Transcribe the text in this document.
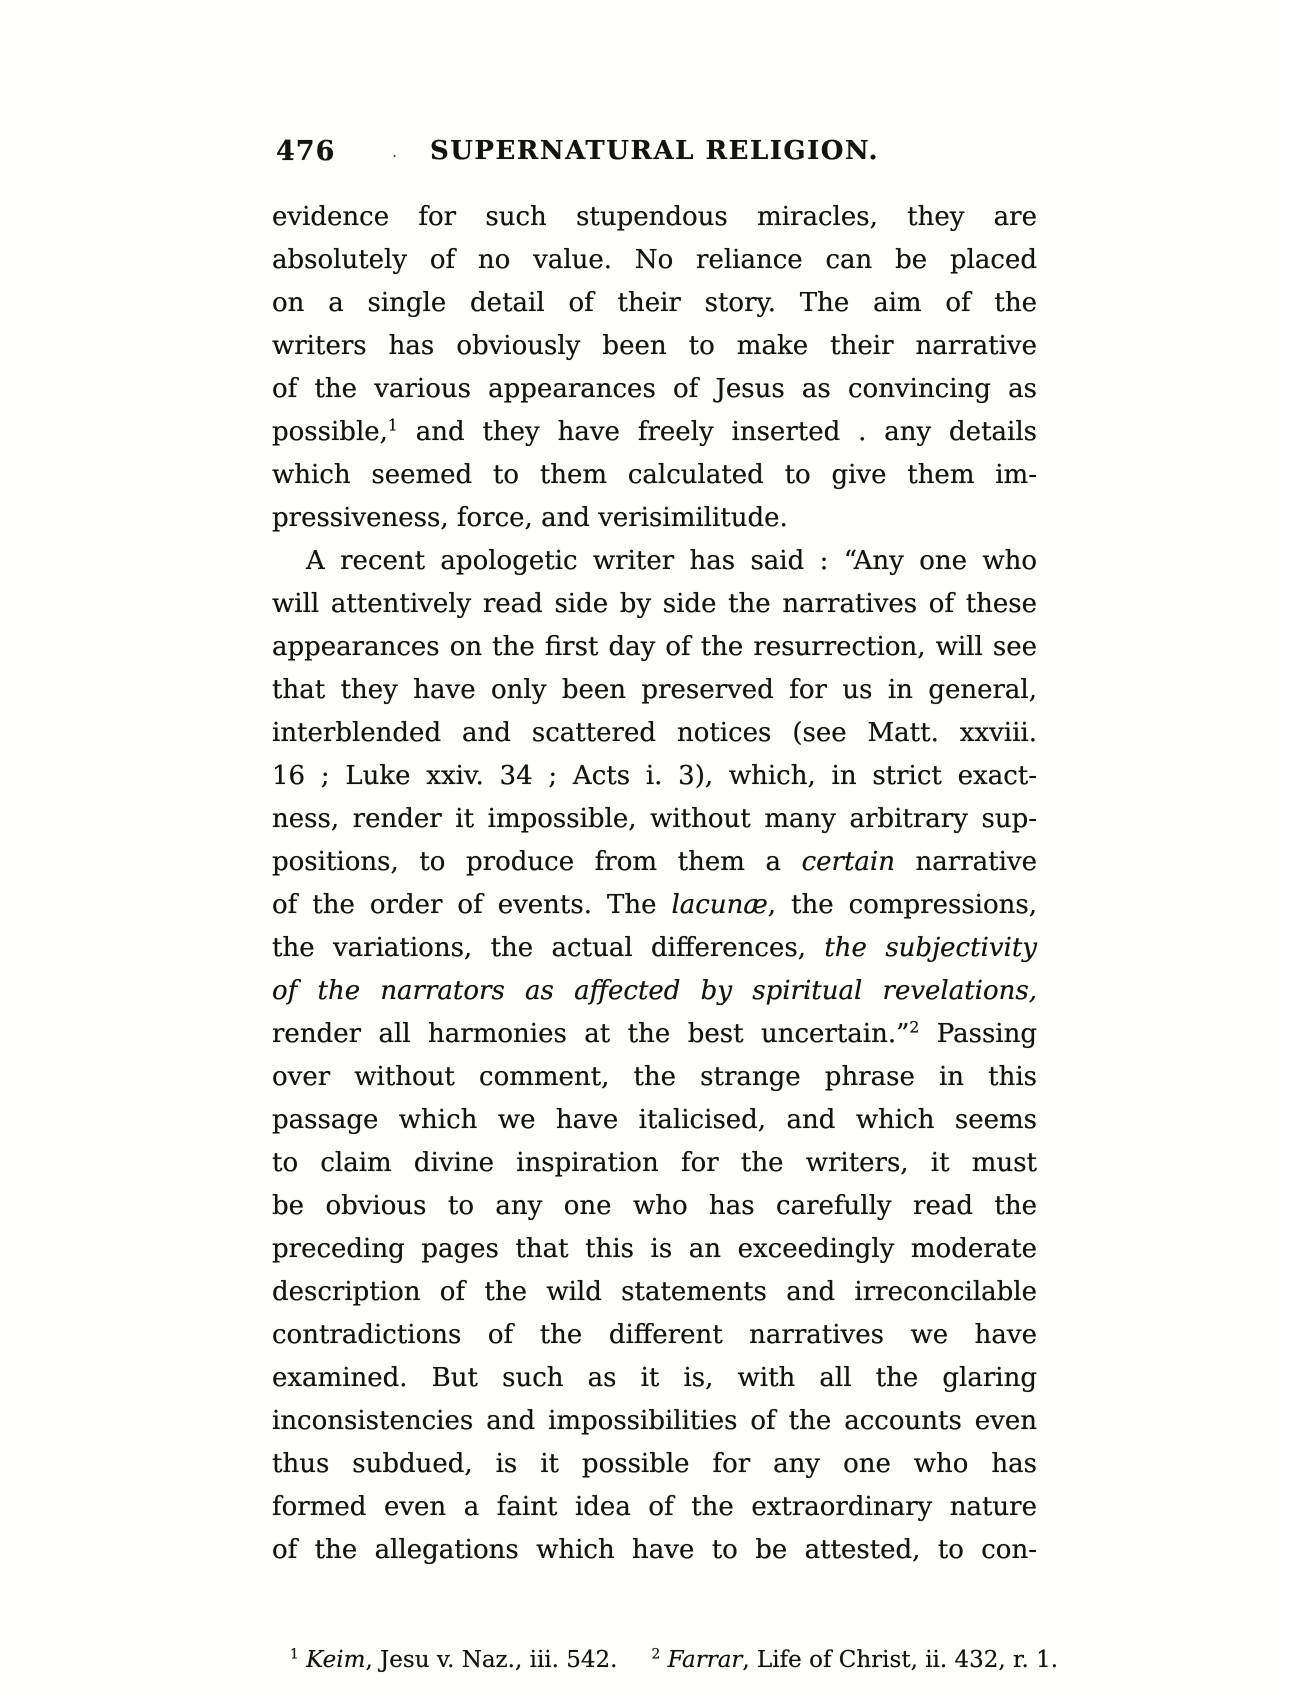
476	.	SUPERNATURAL RELIGION.
evidence for such stupendous miracles, they are
absolutely of no value. No reliance can be placed
on a single detail of their story. The aim of the
writers has obviously been to make their narrative
of the various appearances of Jesus as convincing as
possible,$^1$ and they have freely inserted . any details
which seemed to them calculated to give them im-
pressiveness, force, and verisimilitude.
A recent apologetic writer has said : “Any one who
will attentively read side by side the narratives of these
appearances on the first day of the resurrection, will see
that they have only been preserved for us in general,
interblended and scattered notices (see Matt. xxviii.
16 ; Luke xxiv. 34 ; Acts i. 3), which, in strict exact-
ness, render it impossible, without many arbitrary sup-
positions, to produce from them a certain narrative
of the order of events. The lacunæ, the compressions,
the variations, the actual differences, the subjectivity
of the narrators as affected by spiritual revelations,
render all harmonies at the best uncertain.”$^2$ Passing
over without comment, the strange phrase in this
passage which we have italicised, and which seems
to claim divine inspiration for the writers, it must
be obvious to any one who has carefully read the
preceding pages that this is an exceedingly moderate
description of the wild statements and irreconcilable
contradictions of the different narratives we have
examined. But such as it is, with all the glaring
inconsistencies and impossibilities of the accounts even
thus subdued, is it possible for any one who has
formed even a faint idea of the extraordinary nature
of the allegations which have to be attested, to con-
$^1$ Keim, Jesu v. Naz., iii. 542. $^2$ Farrar, Life of Christ, ii. 432, r. 1.
